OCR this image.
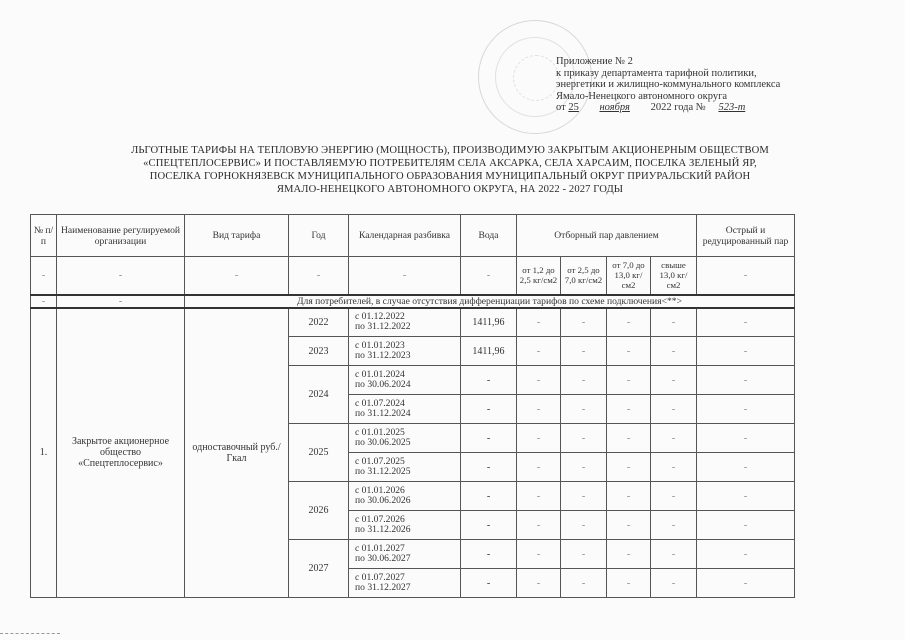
Приложение № 2
к приказу департамента тарифной политики,
энергетики и жилищно-коммунального комплекса
Ямало-Ненецкого автономного округа
от 25 ноября 2022 года № 523-т
ЛЬГОТНЫЕ ТАРИФЫ НА ТЕПЛОВУЮ ЭНЕРГИЮ (МОЩНОСТЬ), ПРОИЗВОДИМУЮ ЗАКРЫТЫМ АКЦИОНЕРНЫМ ОБЩЕСТВОМ
«СПЕЦТЕПЛОСЕРВИС» И ПОСТАВЛЯЕМУЮ ПОТРЕБИТЕЛЯМ СЕЛА АКСАРКА, СЕЛА ХАРСАИМ, ПОСЕЛКА ЗЕЛЕНЫЙ ЯР,
ПОСЕЛКА ГОРНОКНЯЗЕВСК МУНИЦИПАЛЬНОГО ОБРАЗОВАНИЯ МУНИЦИПАЛЬНЫЙ ОКРУГ ПРИУРАЛЬСКИЙ РАЙОН
ЯМАЛО-НЕНЕЦКОГО АВТОНОМНОГО ОКРУГА, НА 2022 - 2027 ГОДЫ
№ п/п	Наименование регулируемой организации	Вид тарифа	Год	Календарная разбивка	Вода	Отборный пар давлением				Острый и редуцированный пар

-	-	-	-	-	-	от 1,2 до 2,5 кг/см2	от 2,5 до 7,0 кг/см2	от 7,0 до 13,0 кг/см2	свыше 13,0 кг/см2	-
-	-	Для потребителей, в случае отсутствия дифференциации тарифов по схеме подключения<**>								
1.	Закрытое акционерное общество «Спецтеплосервис»	одноставочный руб./Гкал	2022	с 01.12.2022
по 31.12.2022	1411,96	-	-	-	-	-
			2023	с 01.01.2023
по 31.12.2023	1411,96	-	-	-	-	-
			2024	с 01.01.2024
по 30.06.2024	-	-	-	-	-	-

				с 01.07.2024
по 31.12.2024	-	-	-	-	-	-
			2025	с 01.01.2025
по 30.06.2025	-	-	-	-	-	-

				с 01.07.2025
по 31.12.2025	-	-	-	-	-	-
			2026	с 01.01.2026
по 30.06.2026	-	-	-	-	-	-

				с 01.07.2026
по 31.12.2026	-	-	-	-	-	-
			2027	с 01.01.2027
по 30.06.2027	-	-	-	-	-	-

				с 01.07.2027
по 31.12.2027	-	-	-	-	-	-
